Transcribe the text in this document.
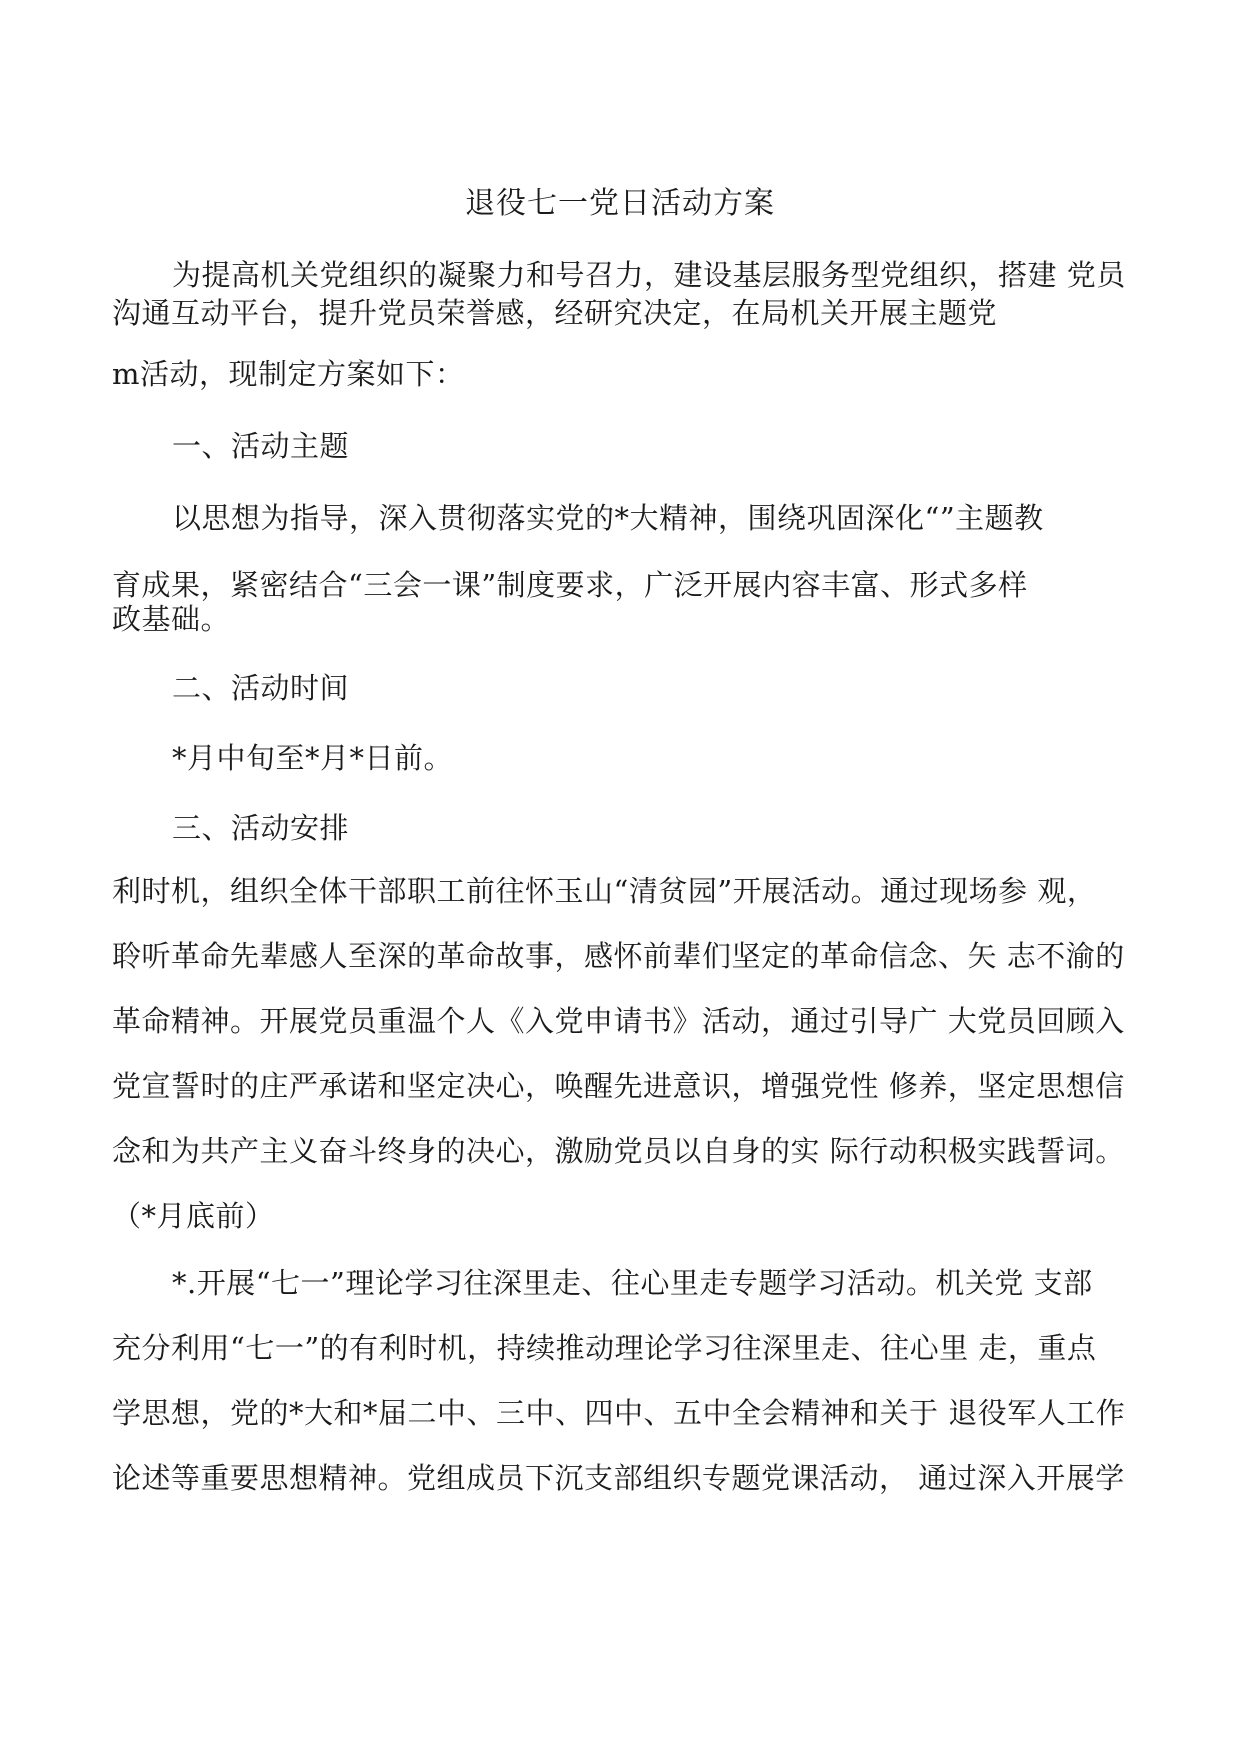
退役七一党日活动方案
为提高机关党组织的凝聚力和号召力，建设基层服务型党组织，搭建 党员
沟通互动平台，提升党员荣誉感，经研究决定，在局机关开展主题党
m活动，现制定方案如下：
一、活动主题
以思想为指导，深入贯彻落实党的*大精神，围绕巩固深化“”主题教
育成果，紧密结合“三会一课”制度要求，广泛开展内容丰富、形式多样
政基础。
二、活动时间
*月中旬至*月*日前。
三、活动安排
利时机，组织全体干部职工前往怀玉山“清贫园”开展活动。通过现场参 观，
聆听革命先辈感人至深的革命故事，感怀前辈们坚定的革命信念、矢 志不渝的
革命精神。开展党员重温个人《入党申请书》活动，通过引导广 大党员回顾入
党宣誓时的庄严承诺和坚定决心，唤醒先进意识，增强党性 修养，坚定思想信
念和为共产主义奋斗终身的决心，激励党员以自身的实 际行动积极实践誓词。
（*月底前）
*.开展“七一”理论学习往深里走、往心里走专题学习活动。机关党 支部
充分利用“七一”的有利时机，持续推动理论学习往深里走、往心里 走，重点
学思想，党的*大和*届二中、三中、四中、五中全会精神和关于 退役军人工作
论述等重要思想精神。党组成员下沉支部组织专题党课活动， 通过深入开展学
